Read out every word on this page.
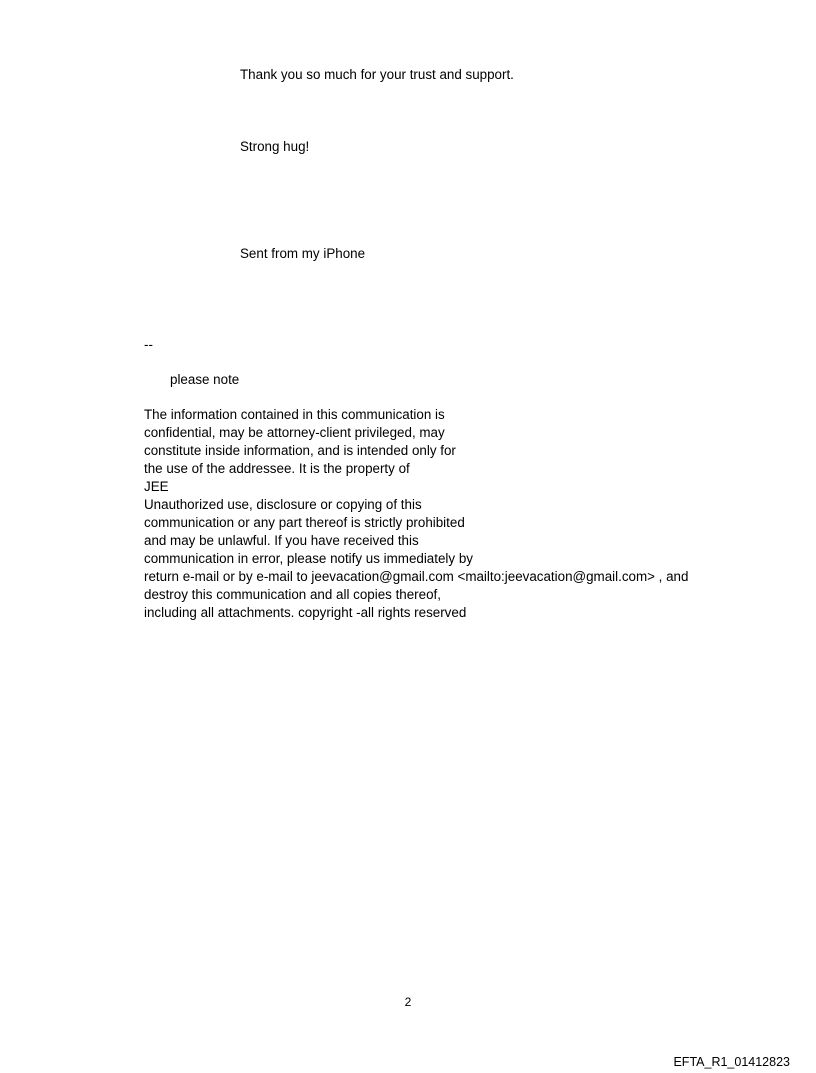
Thank you so much for your trust and support.

Strong hug!

Sent from my iPhone

--

please note

The information contained in this communication is
confidential, may be attorney-client privileged, may
constitute inside information, and is intended only for
the use of the addressee. It is the property of
JEE
Unauthorized use, disclosure or copying of this
communication or any part thereof is strictly prohibited
and may be unlawful. If you have received this
communication in error, please notify us immediately by
return e-mail or by e-mail to jeevacation@gmail.com <mailto:jeevacation@gmail.com> , and
destroy this communication and all copies thereof,
including all attachments. copyright -all rights reserved
2
EFTA_R1_01412823
